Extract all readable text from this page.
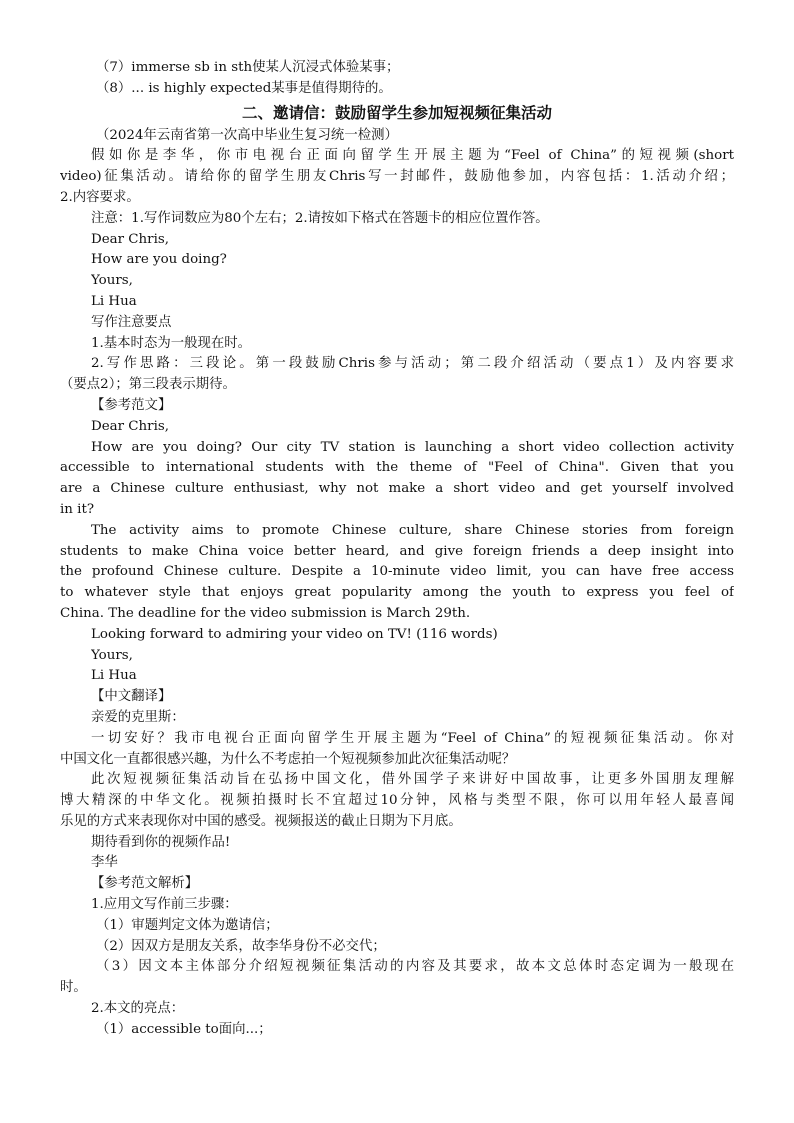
（7）immerse sb in sth使某人沉浸式体验某事；
（8）... is highly expected某事是值得期待的。
二、邀请信：鼓励留学生参加短视频征集活动
（2024年云南省第一次高中毕业生复习统一检测）
假如你是李华，你市电视台正面向留学生开展主题为“Feel of China”的短视频(short
video)征集活动。请给你的留学生朋友Chris写一封邮件，鼓励他参加，内容包括：1.活动介绍；
2.内容要求。
注意：1.写作词数应为80个左右；2.请按如下格式在答题卡的相应位置作答。
Dear Chris,
How are you doing?
Yours,
Li Hua
写作注意要点
1.基本时态为一般现在时。
2.写作思路：三段论。第一段鼓励Chris参与活动；第二段介绍活动（要点1）及内容要求
（要点2）；第三段表示期待。
【参考范文】
Dear Chris,
How are you doing? Our city TV station is launching a short video collection activity
accessible to international students with the theme of "Feel of China". Given that you
are a Chinese culture enthusiast, why not make a short video and get yourself involved
in it?
The activity aims to promote Chinese culture, share Chinese stories from foreign
students to make China voice better heard, and give foreign friends a deep insight into
the profound Chinese culture. Despite a 10-minute video limit, you can have free access
to whatever style that enjoys great popularity among the youth to express you feel of
China. The deadline for the video submission is March 29th.
Looking forward to admiring your video on TV! (116 words)
Yours,
Li Hua
【中文翻译】
亲爱的克里斯：
一切安好？我市电视台正面向留学生开展主题为“Feel of China”的短视频征集活动。你对
中国文化一直都很感兴趣，为什么不考虑拍一个短视频参加此次征集活动呢？
此次短视频征集活动旨在弘扬中国文化，借外国学子来讲好中国故事，让更多外国朋友理解
博大精深的中华文化。视频拍摄时长不宜超过10分钟，风格与类型不限，你可以用年轻人最喜闻
乐见的方式来表现你对中国的感受。视频报送的截止日期为下月底。
期待看到你的视频作品!
李华
【参考范文解析】
1.应用文写作前三步骤：
（1）审题判定文体为邀请信；
（2）因双方是朋友关系，故李华身份不必交代；
（3）因文本主体部分介绍短视频征集活动的内容及其要求，故本文总体时态定调为一般现在
时。
2.本文的亮点：
（1）accessible to面向...；
